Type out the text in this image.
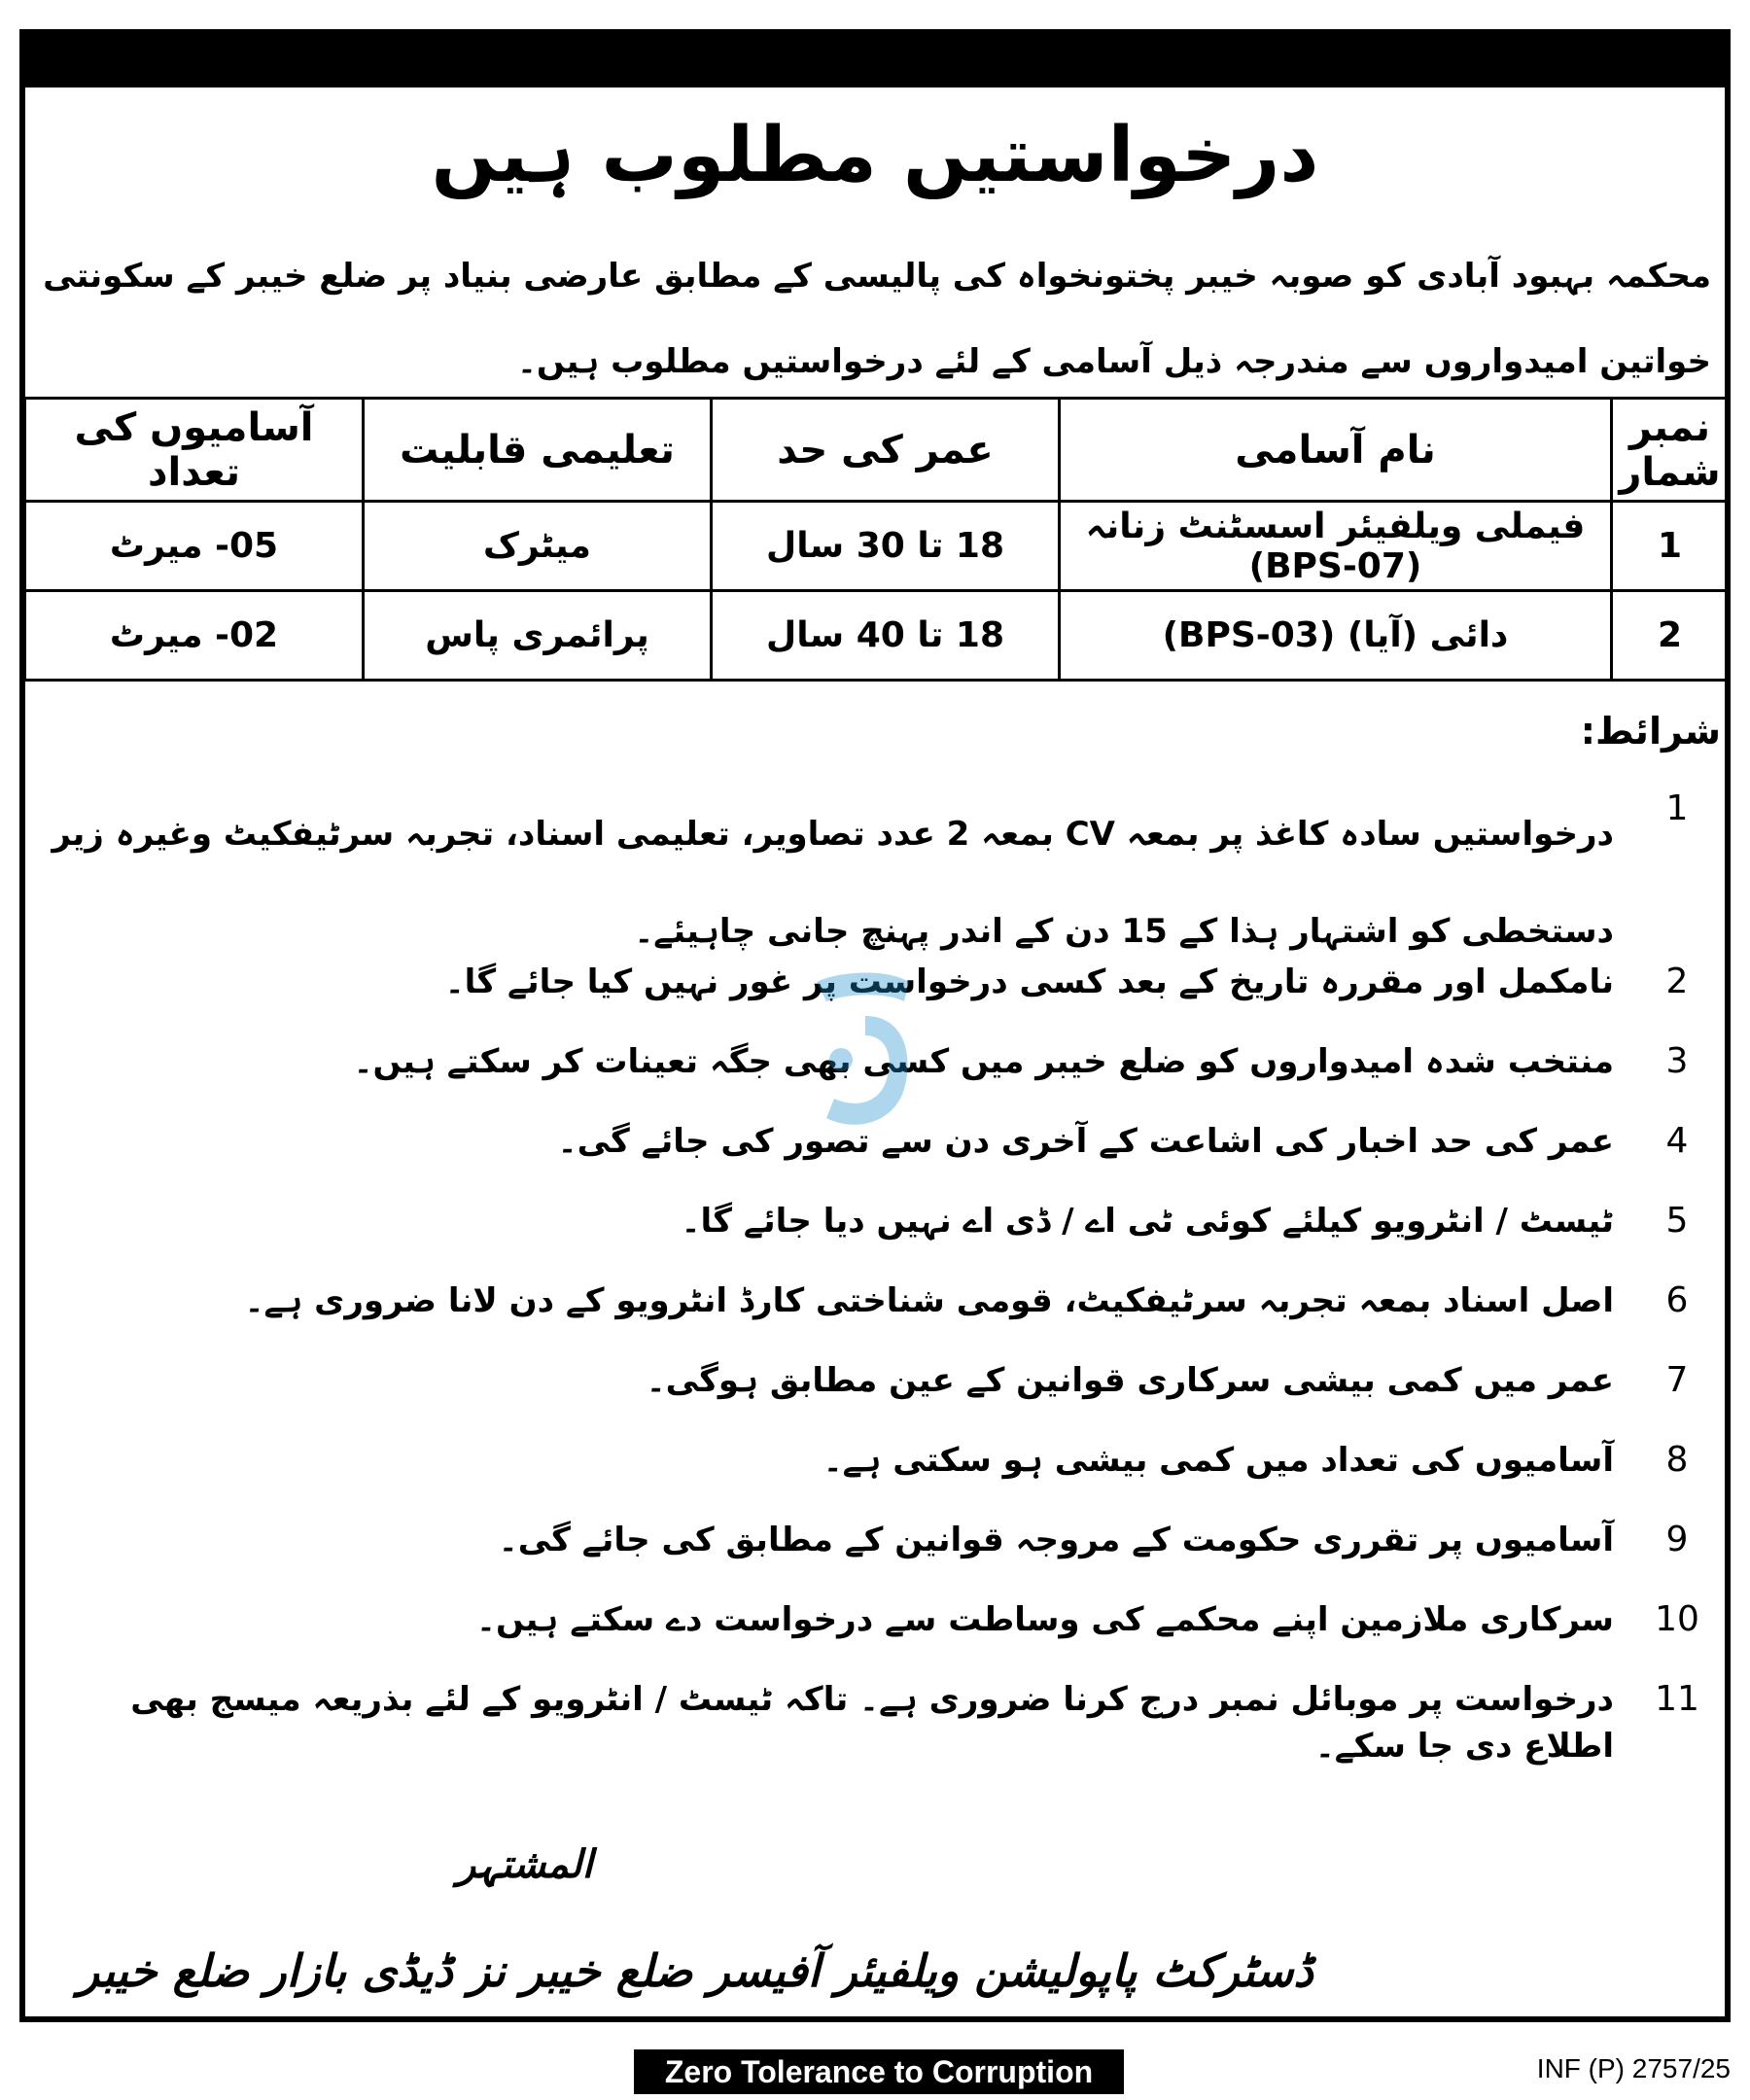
درخواستیں مطلوب ہیں
محکمہ بہبود آبادی کو صوبہ خیبر پختونخواہ کی پالیسی کے مطابق عارضی بنیاد پر ضلع خیبر کے سکونتی خواتین امیدواروں سے مندرجہ ذیل آسامی کے لئے درخواستیں مطلوب ہیں۔
نمبر شمار	نام آسامی	عمر کی حد	تعلیمی قابلیت	آسامیوں کی تعداد
1	فیملی ویلفیئر اسسٹنٹ زنانہ (BPS-07)	18 تا 30 سال	میٹرک	05- میرٹ
2	دائی (آیا) (BPS-03)	18 تا 40 سال	پرائمری پاس	02- میرٹ
شرائط:
1
درخواستیں سادہ کاغذ پر بمعہ CV بمعہ 2 عدد تصاویر، تعلیمی اسناد، تجربہ سرٹیفکیٹ وغیرہ زیر دستخطی کو اشتہار ہذا کے 15 دن کے اندر پہنچ جانی چاہیئے۔
2
نامکمل اور مقررہ تاریخ کے بعد کسی درخواست پر غور نہیں کیا جائے گا۔
3
منتخب شدہ امیدواروں کو ضلع خیبر میں کسی بھی جگہ تعینات کر سکتے ہیں۔
4
عمر کی حد اخبار کی اشاعت کے آخری دن سے تصور کی جائے گی۔
5
ٹیسٹ / انٹرویو کیلئے کوئی ٹی اے / ڈی اے نہیں دیا جائے گا۔
6
اصل اسناد بمعہ تجربہ سرٹیفکیٹ، قومی شناختی کارڈ انٹرویو کے دن لانا ضروری ہے۔
7
عمر میں کمی بیشی سرکاری قوانین کے عین مطابق ہوگی۔
8
آسامیوں کی تعداد میں کمی بیشی ہو سکتی ہے۔
9
آسامیوں پر تقرری حکومت کے مروجہ قوانین کے مطابق کی جائے گی۔
10
سرکاری ملازمین اپنے محکمے کی وساطت سے درخواست دے سکتے ہیں۔
11
درخواست پر موبائل نمبر درج کرنا ضروری ہے۔ تاکہ ٹیسٹ / انٹرویو کے لئے بذریعہ میسج بھی اطلاع دی جا سکے۔
المشتہر
ڈسٹرکٹ پاپولیشن ویلفیئر آفیسر ضلع خیبر نز ڈیڈی بازار ضلع خیبر
Zero Tolerance to Corruption	INF (P) 2757/25
